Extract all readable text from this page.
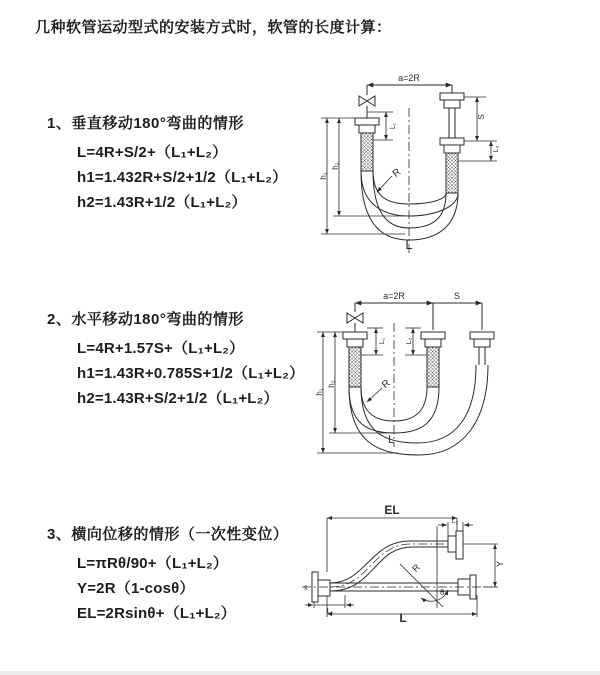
几种软管运动型式的安装方式时，软管的长度计算：
1、垂直移动180°弯曲的情形
L=4R+S/2+（L₁+L₂）
h1=1.432R+S/2+1/2（L₁+L₂）
h2=1.43R+1/2（L₁+L₂）
2、水平移动180°弯曲的情形
L=4R+1.57S+（L₁+L₂）
h1=1.43R+0.785S+1/2（L₁+L₂）
h2=1.43R+S/2+1/2（L₁+L₂）
3、横向位移的情形（一次性变位）
L=πRθ/90+（L₁+L₂）
Y=2R（1-cosθ）
EL=2Rsinθ+（L₁+L₂）
a=2R
L₁
S
L₂
h₁
h₂
R
L
a=2R	S
L₁	L₂
h₁
h₂	R
L
x̄
EL
L₂
Y
θ
R
L₁	L
